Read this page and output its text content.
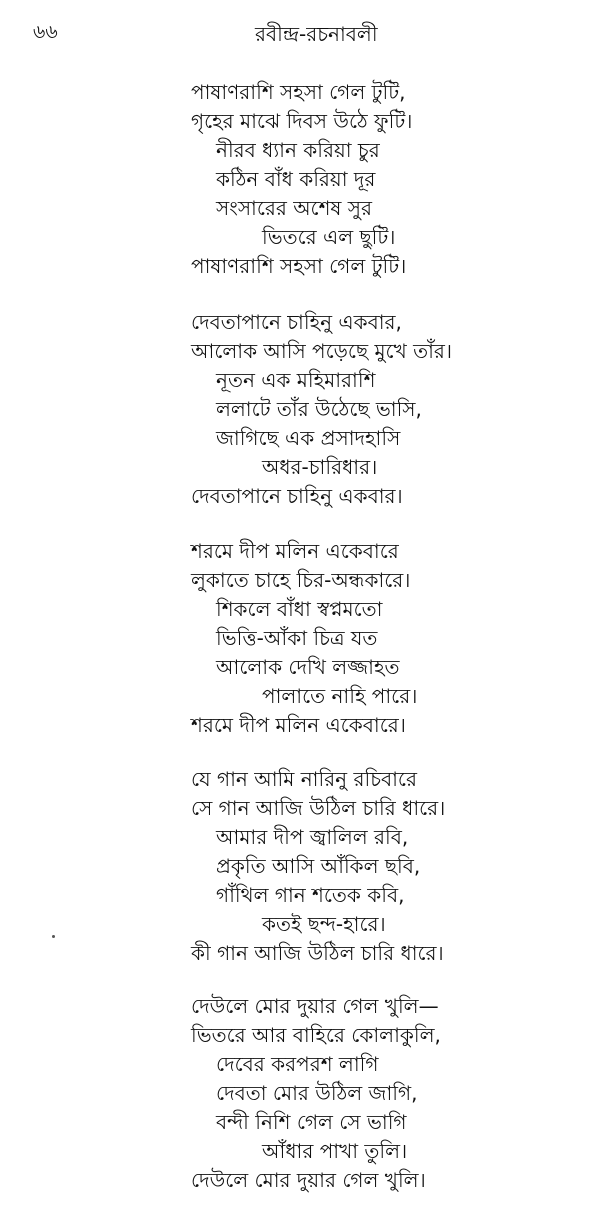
৬৬	রবীন্দ্র-রচনাবলী
পাষাণরাশি সহসা গেল টুটি,
গৃহের মাঝে দিবস উঠে ফুটি।
নীরব ধ্যান করিয়া চুর
কঠিন বাঁধ করিয়া দূর
সংসারের অশেষ সুর
ভিতরে এল ছুটি।
পাষাণরাশি সহসা গেল টুটি।
দেবতাপানে চাহিনু একবার,
আলোক আসি পড়েছে মুখে তাঁর।
নূতন এক মহিমারাশি
ললাটে তাঁর উঠেছে ভাসি,
জাগিছে এক প্রসাদহাসি
অধর-চারিধার।
দেবতাপানে চাহিনু একবার।
শরমে দীপ মলিন একেবারে
লুকাতে চাহে চির-অন্ধকারে।
শিকলে বাঁধা স্বপ্নমতো
ভিত্তি-আঁকা চিত্র যত
আলোক দেখি লজ্জাহত
পালাতে নাহি পারে।
শরমে দীপ মলিন একেবারে।
যে গান আমি নারিনু রচিবারে
সে গান আজি উঠিল চারি ধারে।
আমার দীপ জ্বালিল রবি,
প্রকৃতি আসি আঁকিল ছবি,
গাঁথিল গান শতেক কবি,
কতই ছন্দ-হারে।
কী গান আজি উঠিল চারি ধারে।
দেউলে মোর দুয়ার গেল খুলি—
ভিতরে আর বাহিরে কোলাকুলি,
দেবের করপরশ লাগি
দেবতা মোর উঠিল জাগি,
বন্দী নিশি গেল সে ভাগি
আঁধার পাখা তুলি।
দেউলে মোর দুয়ার গেল খুলি।
